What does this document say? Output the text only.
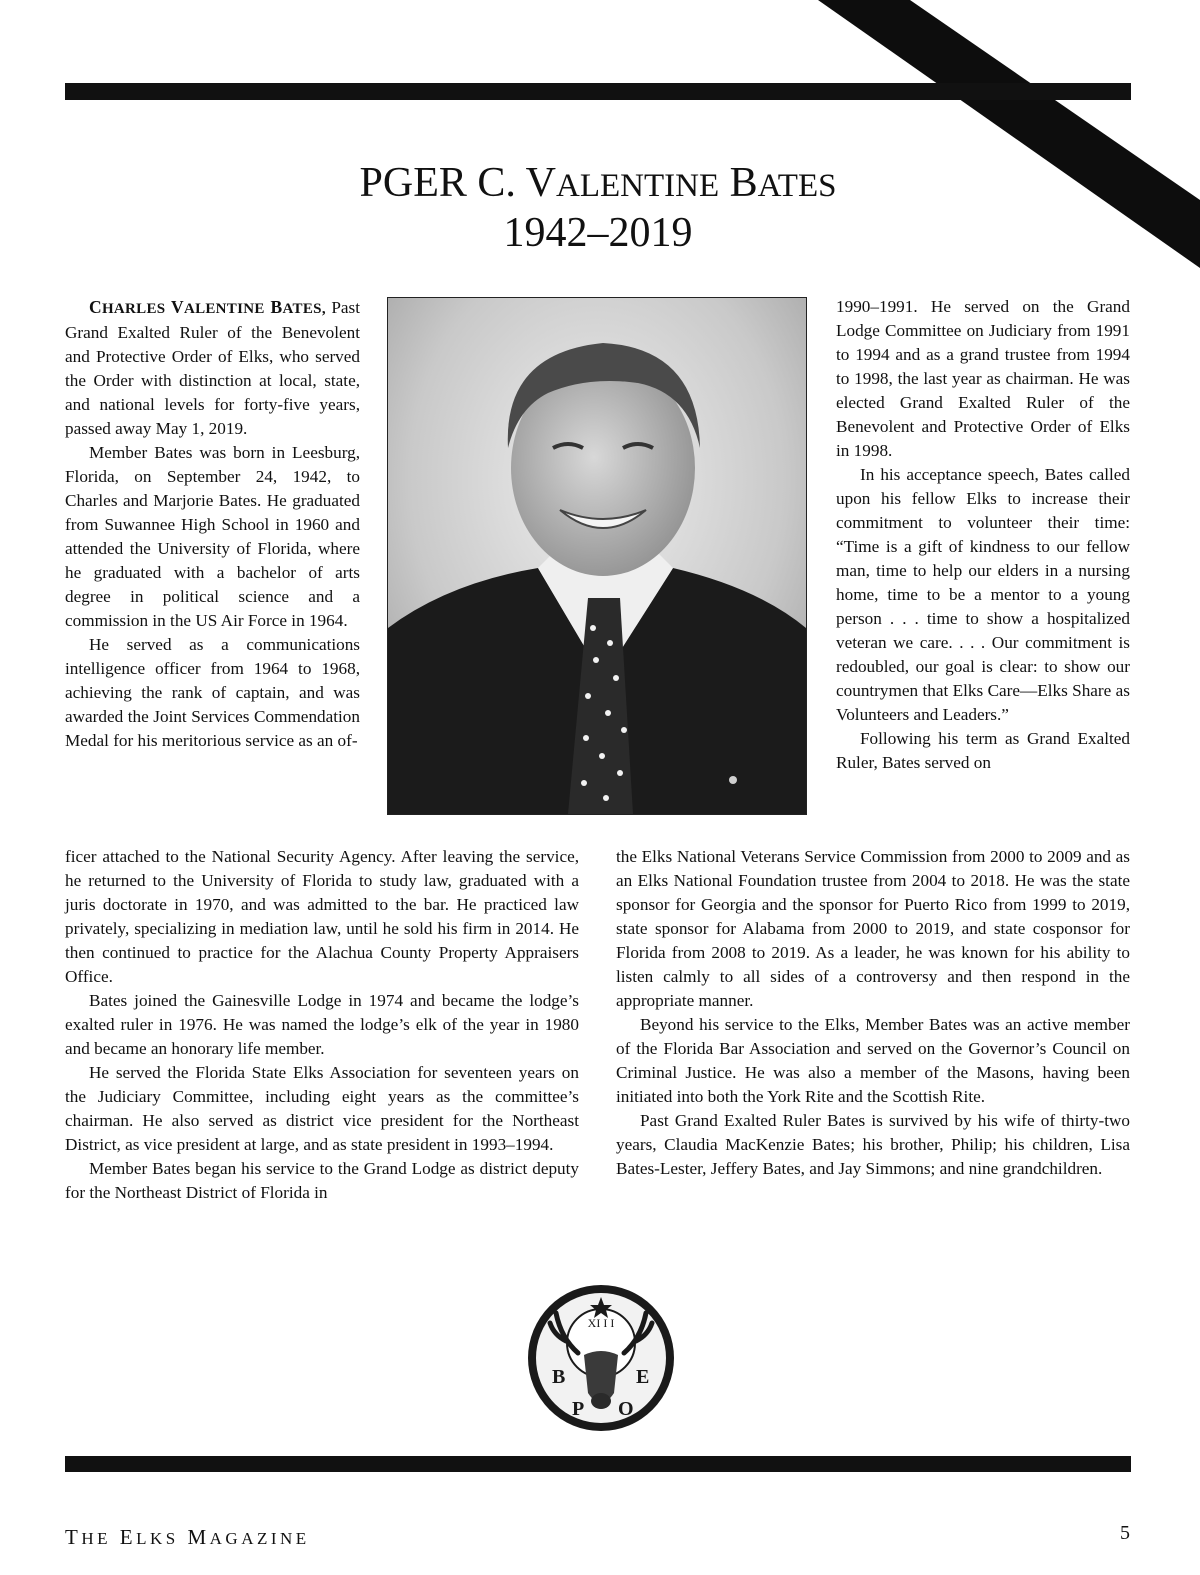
PGER C. VALENTINE BATES
1942–2019

CHARLES VALENTINE BATES, Past Grand Exalted Ruler of the Benevolent and Protective Order of Elks, who served the Order with distinction at local, state, and national levels for forty-five years, passed away May 1, 2019.

Member Bates was born in Leesburg, Florida, on September 24, 1942, to Charles and Marjorie Bates. He graduated from Suwannee High School in 1960 and attended the University of Florida, where he graduated with a bachelor of arts degree in political science and a commission in the US Air Force in 1964.

He served as a communications intelligence officer from 1964 to 1968, achieving the rank of captain, and was awarded the Joint Services Commendation Medal for his meritorious service as an of-

1990–1991. He served on the Grand Lodge Committee on Judiciary from 1991 to 1994 and as a grand trustee from 1994 to 1998, the last year as chairman. He was elected Grand Exalted Ruler of the Benevolent and Protective Order of Elks in 1998.

In his acceptance speech, Bates called upon his fellow Elks to increase their commitment to volunteer their time: “Time is a gift of kindness to our fellow man, time to help our elders in a nursing home, time to be a mentor to a young person . . . time to show a hospitalized veteran we care. . . . Our commitment is redoubled, our goal is clear: to show our countrymen that Elks Care—Elks Share as Volunteers and Leaders.”

Following his term as Grand Exalted Ruler, Bates served on

ficer attached to the National Security Agency. After leaving the service, he returned to the University of Florida to study law, graduated with a juris doctorate in 1970, and was admitted to the bar. He practiced law privately, specializing in mediation law, until he sold his firm in 2014. He then continued to practice for the Alachua County Property Appraisers Office.

Bates joined the Gainesville Lodge in 1974 and became the lodge’s exalted ruler in 1976. He was named the lodge’s elk of the year in 1980 and became an honorary life member.

He served the Florida State Elks Association for seventeen years on the Judiciary Committee, including eight years as the committee’s chairman. He also served as district vice president for the Northeast District, as vice president at large, and as state president in 1993–1994.

Member Bates began his service to the Grand Lodge as district deputy for the Northeast District of Florida in

the Elks National Veterans Service Commission from 2000 to 2009 and as an Elks National Foundation trustee from 2004 to 2018. He was the state sponsor for Georgia and the sponsor for Puerto Rico from 1999 to 2019, state sponsor for Alabama from 2000 to 2019, and state cosponsor for Florida from 2008 to 2019. As a leader, he was known for his ability to listen calmly to all sides of a controversy and then respond in the appropriate manner.

Beyond his service to the Elks, Member Bates was an active member of the Florida Bar Association and served on the Governor’s Council on Criminal Justice. He was also a member of the Masons, having been initiated into both the York Rite and the Scottish Rite.

Past Grand Exalted Ruler Bates is survived by his wife of thirty-two years, Claudia MacKenzie Bates; his brother, Philip; his children, Lisa Bates-Lester, Jeffery Bates, and Jay Simmons; and nine grandchildren.

XI I I
B
P O
E
THE ELKS MAGAZINE	5
